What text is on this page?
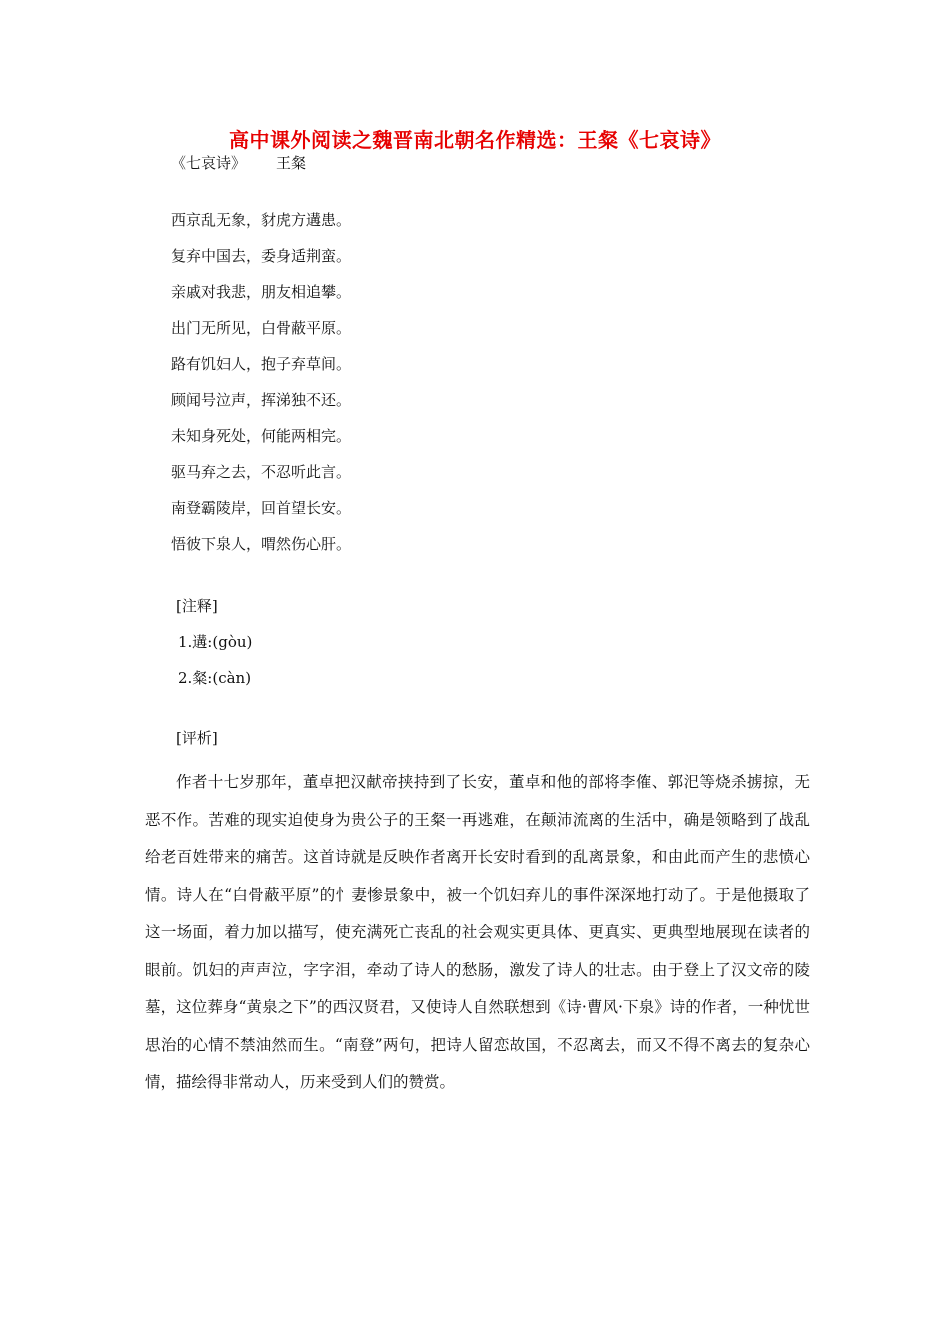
高中课外阅读之魏晋南北朝名作精选：王粲《七哀诗》
《七哀诗》 王粲
西京乱无象，豺虎方遘患。
复弃中国去，委身适荆蛮。
亲戚对我悲，朋友相追攀。
出门无所见，白骨蔽平原。
路有饥妇人，抱子弃草间。
顾闻号泣声，挥涕独不还。
未知身死处，何能两相完。
驱马弃之去，不忍听此言。
南登霸陵岸，回首望长安。
悟彼下泉人，喟然伤心肝。
[注释]
1.遘:(gòu)
2.粲:(càn)
[评析]

作者十七岁那年，董卓把汉献帝挟持到了长安，董卓和他的部将李傕、郭汜等烧杀掳掠，无恶不作。苦难的现实迫使身为贵公子的王粲一再逃难，在颠沛流离的生活中，确是领略到了战乱给老百姓带来的痛苦。这首诗就是反映作者离开长安时看到的乱离景象，和由此而产生的悲愤心情。诗人在“白骨蔽平原”的忄妻惨景象中，被一个饥妇弃儿的事件深深地打动了。于是他摄取了这一场面，着力加以描写，使充满死亡丧乱的社会观实更具体、更真实、更典型地展现在读者的眼前。饥妇的声声泣，字字泪，牵动了诗人的愁肠，激发了诗人的壮志。由于登上了汉文帝的陵墓，这位葬身“黄泉之下”的西汉贤君，又使诗人自然联想到《诗·曹风·下泉》诗的作者，一种忧世思治的心情不禁油然而生。“南登”两句，把诗人留恋故国，不忍离去，而又不得不离去的复杂心情，描绘得非常动人，历来受到人们的赞赏。
